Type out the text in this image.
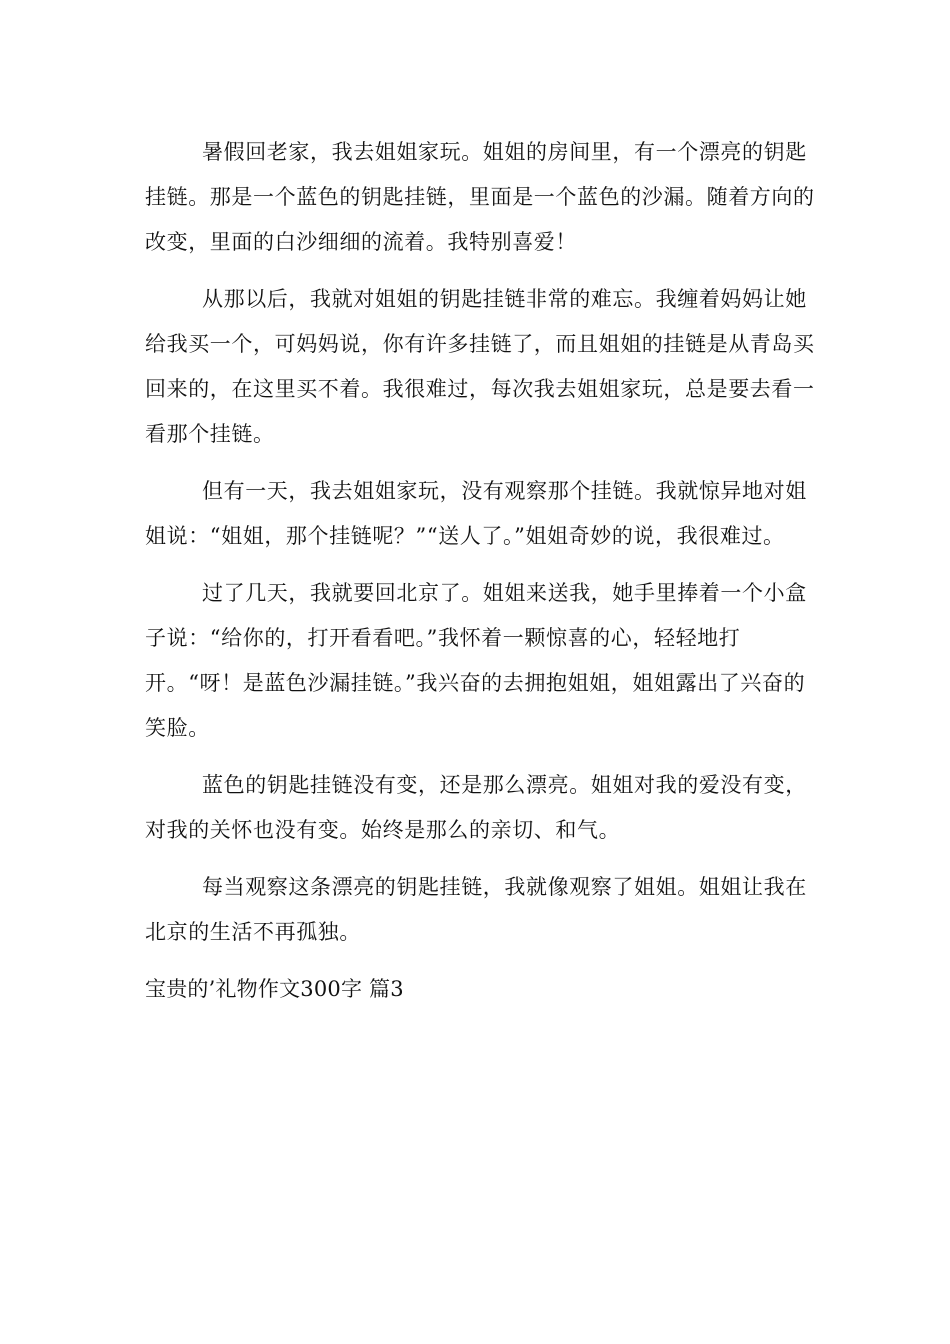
暑假回老家，我去姐姐家玩。姐姐的房间里，有一个漂亮的钥匙挂链。那是一个蓝色的钥匙挂链，里面是一个蓝色的沙漏。随着方向的改变，里面的白沙细细的流着。我特别喜爱！

从那以后，我就对姐姐的钥匙挂链非常的难忘。我缠着妈妈让她给我买一个，可妈妈说，你有许多挂链了，而且姐姐的挂链是从青岛买回来的，在这里买不着。我很难过，每次我去姐姐家玩，总是要去看一看那个挂链。

但有一天，我去姐姐家玩，没有观察那个挂链。我就惊异地对姐姐说：“姐姐，那个挂链呢？”“送人了。”姐姐奇妙的说，我很难过。

过了几天，我就要回北京了。姐姐来送我，她手里捧着一个小盒子说：“给你的，打开看看吧。”我怀着一颗惊喜的心，轻轻地打开。“呀！是蓝色沙漏挂链。”我兴奋的去拥抱姐姐，姐姐露出了兴奋的笑脸。

蓝色的钥匙挂链没有变，还是那么漂亮。姐姐对我的爱没有变，对我的关怀也没有变。始终是那么的亲切、和气。

每当观察这条漂亮的钥匙挂链，我就像观察了姐姐。姐姐让我在北京的生活不再孤独。

宝贵的’礼物作文300字 篇3
